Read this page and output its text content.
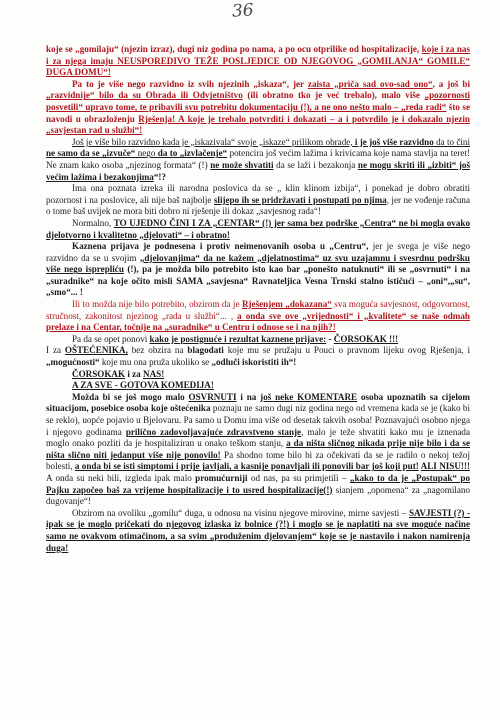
36

koje se „gomilaju“ (njezin izraz), dugi niz godina po nama, a po ocu otprilike od hospitalizacije, koje i za nas i za njega imaju NEUSPOREDIVO TEŽE POSLJEDICE OD NJEGOVOG „GOMILANJA“ GOMILE“ DUGA DOMU“!

Pa to je više nego razvidno iz svih njezinih „iskaza“, jer zaista „priča sad ovo-sad ono“, a još bi „razvidnije“ bilo da su Obrada ili Odvjetništvo (ili obratno tko je već trebalo), malo više „pozornosti posvetili“ upravo tome, te pribavili svu potrebitu dokumentaciju (!), a ne ono nešto malo – „reda radi“ što se navodi u obrazloženju Rješenja! A koje je trebalo potvrditi i dokazati – a i potvrdilo je i dokazalo njezin „savjestan rad u službi“!

Još je više bilo razvidno kada je „iskazivala“ svoje „iskaze“ prilikom obrade, i je još više razvidno da to čini ne samo da se „izvuče“ nego da to „izvlačenje“ potencira još većim lažima i krivicama koje nama stavlja na teret! Ne znam kako osoba „njezinog formata“ (!) ne može shvatiti da se laži i bezakonja ne mogu skriti ili „izbiti“ još većim lažima i bezakonjima“!?

Ima ona poznata izreka ili narodna poslovica da se „ klin klinom izbija“, i ponekad je dobro obratiti pozornost i na poslovice, ali nije baš najbolje slijepo ih se pridržavati i postupati po njima, jer ne vođenje računa o tome baš uvijek ne mora biti dobro ni rješenje ili dokaz „savjesnog rada“!

Normalno, TO UJEDNO ČINI I ZA „CENTAR“ (!) jer sama bez podrške „Centra“ ne bi mogla ovako djelotvorno i kvalitetno „djelovati“ – i obratno!

Kaznena prijava je podnesena i protiv neimenovanih osoba u „Centru“, jer je svega je više nego razvidno da se u svojim „djelovanjima“ da ne kažem „djelatnostima“ uz svu uzajamnu i svesrdnu podršku više nego isprepliću (!), pa je možda bilo potrebito isto kao bar „ponešto natuknuti“ ili se „osvrnuti“ i na „suradnike“ na koje očito misli SAMA „savjesna“ Ravnateljica Vesna Trnski stalno ističući – „oni“,„su“, „smo“... !

Ili to možda nije bilo potrebito, obzirom da je Rješenjem „dokazana“ sva moguća savjesnost, odgovornost, stručnost, zakonitost njezinog „rada u službi“... , a onda sve ove „vrijednosti“ i „kvalitete“ se naše odmah prelaze i na Centar, točnije na „suradnike“ u Centru i odnose se i na njih?!

Pa da se opet ponovi kako je postignuće i rezultat kaznene prijave: - ČORSOKAK !!!

I za OŠTEĆENIKA, bez obzira na blagodati koje mu se pružaju u Pouci o pravnom lijeku ovog Rješenja, i „mogućnosti“ koje mu ona pruža ukoliko se „odluči iskoristiti ih“!

ČORSOKAK i za NAS!

A ZA SVE - GOTOVA KOMEDIJA!

Možda bi se još mogo malo OSVRNUTI i na još neke KOMENTARE osoba upoznatih sa cijelom situacijom, posebice osoba koje oštećenika poznaju ne samo dugi niz godina nego od vremena kada se je (kako bi se reklo), uopće pojavio u Bjelovaru. Pa samo u Domu ima više od desetak takvih osoba! Poznavajući osobno njega i njegovo godinama prilično zadovoljavajuće zdravstveno stanje, malo je teže shvatiti kako mu je iznenada moglo onako pozliti da je hospitaliziran u onako teškom stanju, a da ništa sličnog nikada prije nije bilo i da se ništa slično niti jedanput više nije ponovilo! Pa shodno tome bilo bi za očekivati da se je radilo o nekoj težoj bolesti, a onda bi se isti simptomi i prije javljali, a kasnije ponavljali ili ponovili bar još koji put! ALI NISU!!! A onda su neki bili, izgleda ipak malo promućurniji od nas, pa su primjetili – „kako to da je „Postupak“ po Pajku započeo baš za vrijeme hospitalizacije i to usred hospitalizacije(!) sianjem „opomena“ za „nagomilano dugovanje“!

Obzirom na ovoliku „gomilu“ duga, u odnosu na visinu njegove mirovine, mirne savjesti – SAVJESTI (?) - ipak se je moglo pričekati do njegovog izlaska iz bolnice (?!) i moglo se je naplatiti na sve moguće načine samo ne ovakvom otimačinom, a sa svim „produženim djelovanjem“ koje se je nastavilo i nakon namirenja duga!
